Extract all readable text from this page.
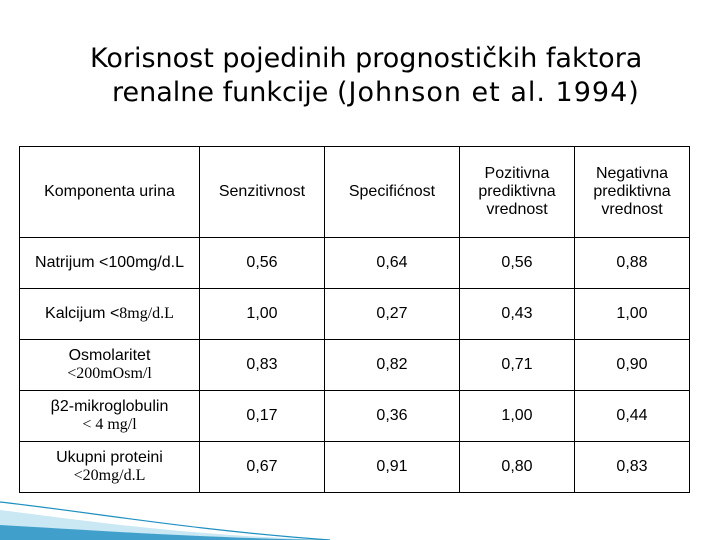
Korisnost pojedinih prognostičkih faktora
renalne funkcije (Johnson et al. 1994)
Komponenta urina	Senzitivnost	Specifićnost	Pozitivna prediktivna vrednost	Negativna prediktivna vrednost
Natrijum <100mg/d.L	0,56	0,64	0,56	0,88
Kalcijum <8mg/d.L	1,00	0,27	0,43	1,00

Osmolaritet
<200mOsm/l	0,83	0,82	0,71	0,90

β2-mikroglobulin
< 4 mg/l	0,17	0,36	1,00	0,44

Ukupni proteini
<20mg/d.L	0,67	0,91	0,80	0,83
